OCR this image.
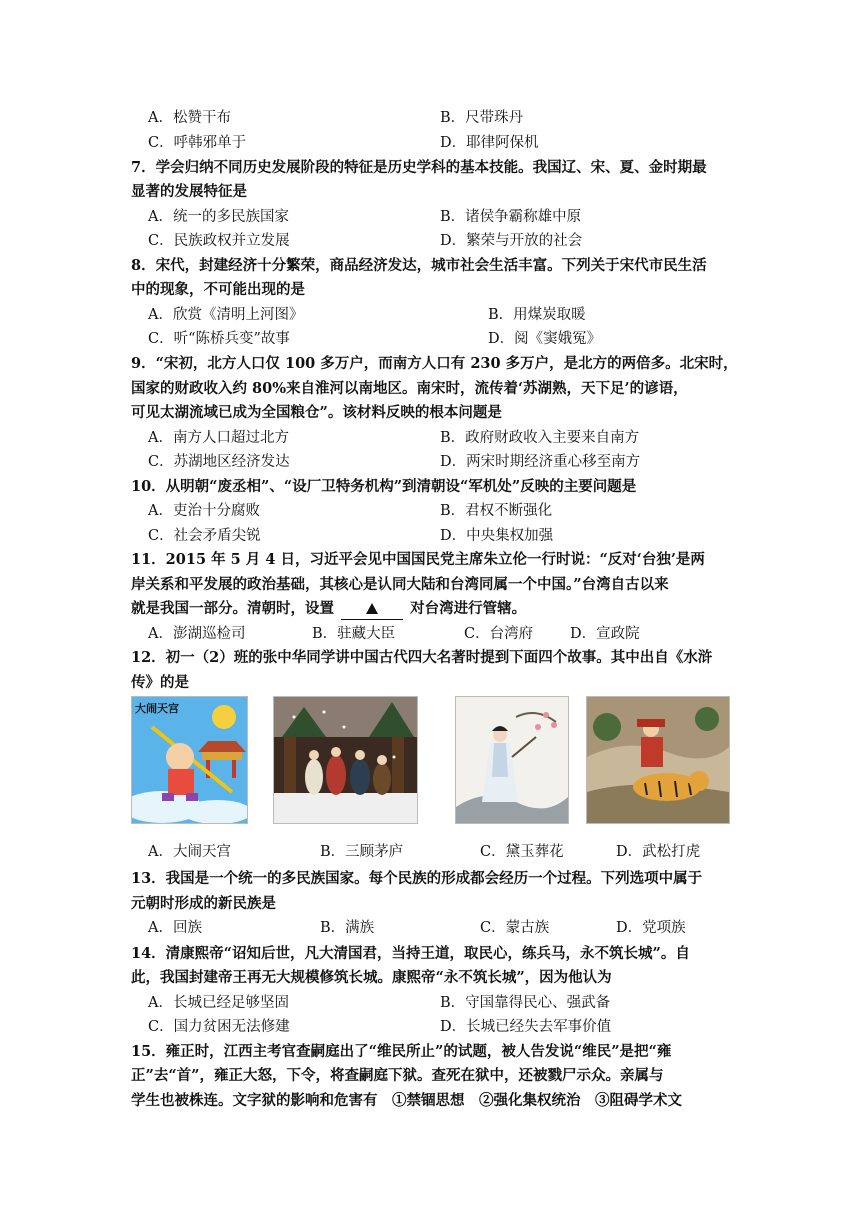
A．松赞干布	B．尺带珠丹
C．呼韩邪单于	D．耶律阿保机
7．学会归纳不同历史发展阶段的特征是历史学科的基本技能。我国辽、宋、夏、金时期最
显著的发展特征是
A．统一的多民族国家	B．诸侯争霸称雄中原
C．民族政权并立发展	D．繁荣与开放的社会
8．宋代，封建经济十分繁荣，商品经济发达，城市社会生活丰富。下列关于宋代市民生活
中的现象，不可能出现的是
A．欣赏《清明上河图》	B．用煤炭取暖
C．听“陈桥兵变”故事	D．阅《窦娥冤》
9．“宋初，北方人口仅 100 多万户，而南方人口有 230 多万户，是北方的两倍多。北宋时，
国家的财政收入约 80%来自淮河以南地区。南宋时，流传着‘苏湖熟，天下足’的谚语，
可见太湖流域已成为全国粮仓”。该材料反映的根本问题是
A．南方人口超过北方	B．政府财政收入主要来自南方
C．苏湖地区经济发达	D．两宋时期经济重心移至南方
10．从明朝“废丞相”、“设厂卫特务机构”到清朝设“军机处”反映的主要问题是
A．吏治十分腐败	B．君权不断强化
C．社会矛盾尖锐	D．中央集权加强
11．2015 年 5 月 4 日，习近平会见中国国民党主席朱立伦一行时说：“反对‘台独’是两
岸关系和平发展的政治基础，其核心是认同大陆和台湾同属一个中国。”台湾自古以来
就是我国一部分。清朝时，设置	对台湾进行管辖。
A．澎湖巡检司	B．驻藏大臣	C．台湾府	D．宣政院
12．初一（2）班的张中华同学讲中国古代四大名著时提到下面四个故事。其中出自《水浒
传》的是
大闹天宫
A．大闹天宫	B．三顾茅庐	C．黛玉葬花	D．武松打虎
13．我国是一个统一的多民族国家。每个民族的形成都会经历一个过程。下列选项中属于
元朝时形成的新民族是
A．回族	B．满族	C．蒙古族	D．党项族
14．清康熙帝“诏知后世，凡大清国君，当持王道，取民心，练兵马，永不筑长城”。自
此，我国封建帝王再无大规模修筑长城。康熙帝“永不筑长城”，因为他认为
A．长城已经足够坚固	B．守国靠得民心、强武备
C．国力贫困无法修建	D．长城已经失去军事价值
15．雍正时，江西主考官查嗣庭出了“维民所止”的试题，被人告发说“维民”是把“雍
正”去“首”，雍正大怒，下令，将查嗣庭下狱。查死在狱中，还被戮尸示众。亲属与
学生也被株连。文字狱的影响和危害有　①禁锢思想　②强化集权统治　③阻碍学术文
